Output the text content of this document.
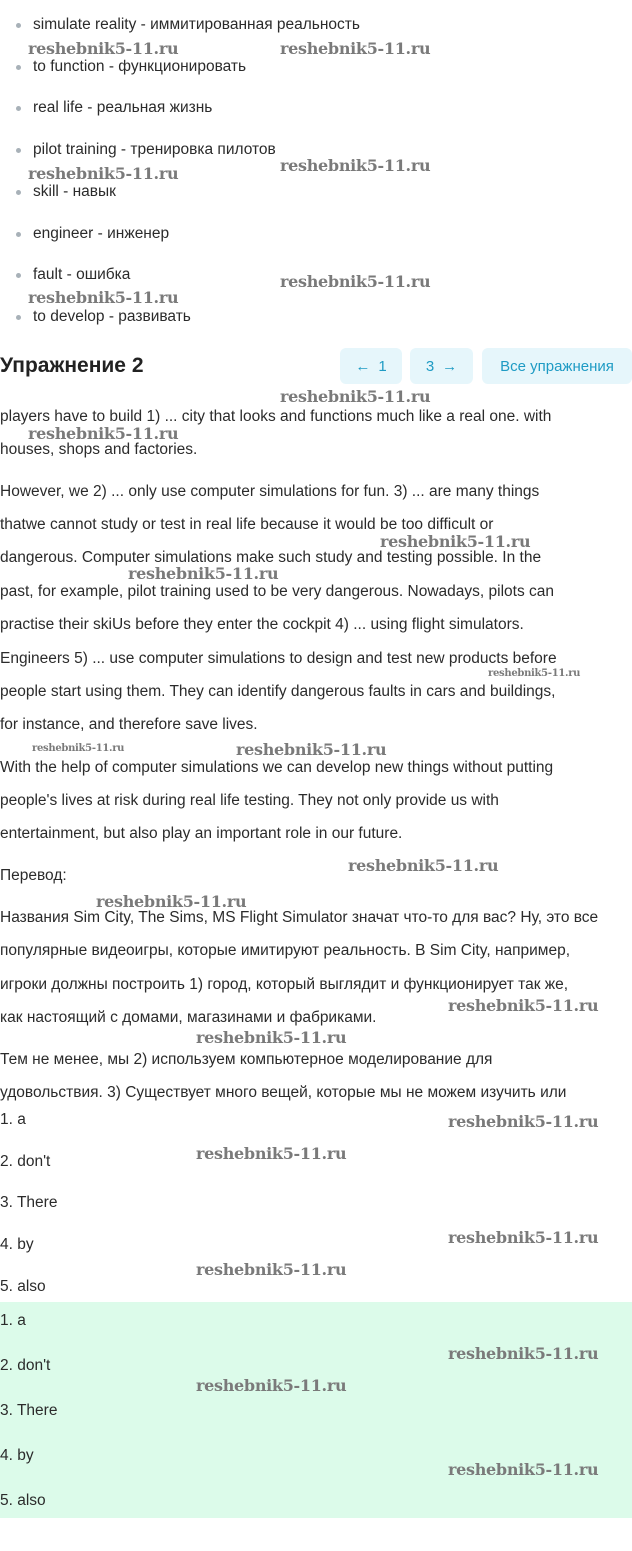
simulate reality - иммитированная реальность
to function - функционировать
real life - реальная жизнь
pilot training - тренировка пилотов
skill - навык
engineer - инженер
fault - ошибка
to develop - развивать
Упражнение 2	← 1	3 →	Все упражнения
players have to build 1) ... city that looks and functions much like a real one. with
houses, shops and factories.
However, we 2) ... only use computer simulations for fun. 3) ... are many things
thatwe cannot study or test in real life because it would be too difficult or
dangerous. Computer simulations make such study and testing possible. In the
past, for example, pilot training used to be very dangerous. Nowadays, pilots can
practise their skiUs before they enter the cockpit 4) ... using flight simulators.
Engineers 5) ... use computer simulations to design and test new products before
people start using them. They can identify dangerous faults in cars and buildings,
for instance, and therefore save lives.
With the help of computer simulations we can develop new things without putting
people's lives at risk during real life testing. They not only provide us with
entertainment, but also play an important role in our future.
Перевод:
Названия Sim City, The Sims, MS Flight Simulator значат что-то для вас? Ну, это все
популярные видеоигры, которые имитируют реальность. В Sim City, например,
игроки должны построить 1) город, который выглядит и функционирует так же,
как настоящий с домами, магазинами и фабриками.
Тем не менее, мы 2) используем компьютерное моделирование для
удовольствия. 3) Существует много вещей, которые мы не можем изучить или
1. a
2. don't
3. There
4. by
5. also
1. a
2. don't
3. There
4. by
5. also
reshebnik5-11.ru	reshebnik5-11.ru
reshebnik5-11.ru
reshebnik5-11.ru
reshebnik5-11.ru
reshebnik5-11.ru
reshebnik5-11.ru
reshebnik5-11.ru
reshebnik5-11.ru
reshebnik5-11.ru
reshebnik5-11.ru
reshebnik5-11.ru	reshebnik5-11.ru
reshebnik5-11.ru
reshebnik5-11.ru
reshebnik5-11.ru
reshebnik5-11.ru
reshebnik5-11.ru
reshebnik5-11.ru
reshebnik5-11.ru
reshebnik5-11.ru
reshebnik5-11.ru
reshebnik5-11.ru
reshebnik5-11.ru
